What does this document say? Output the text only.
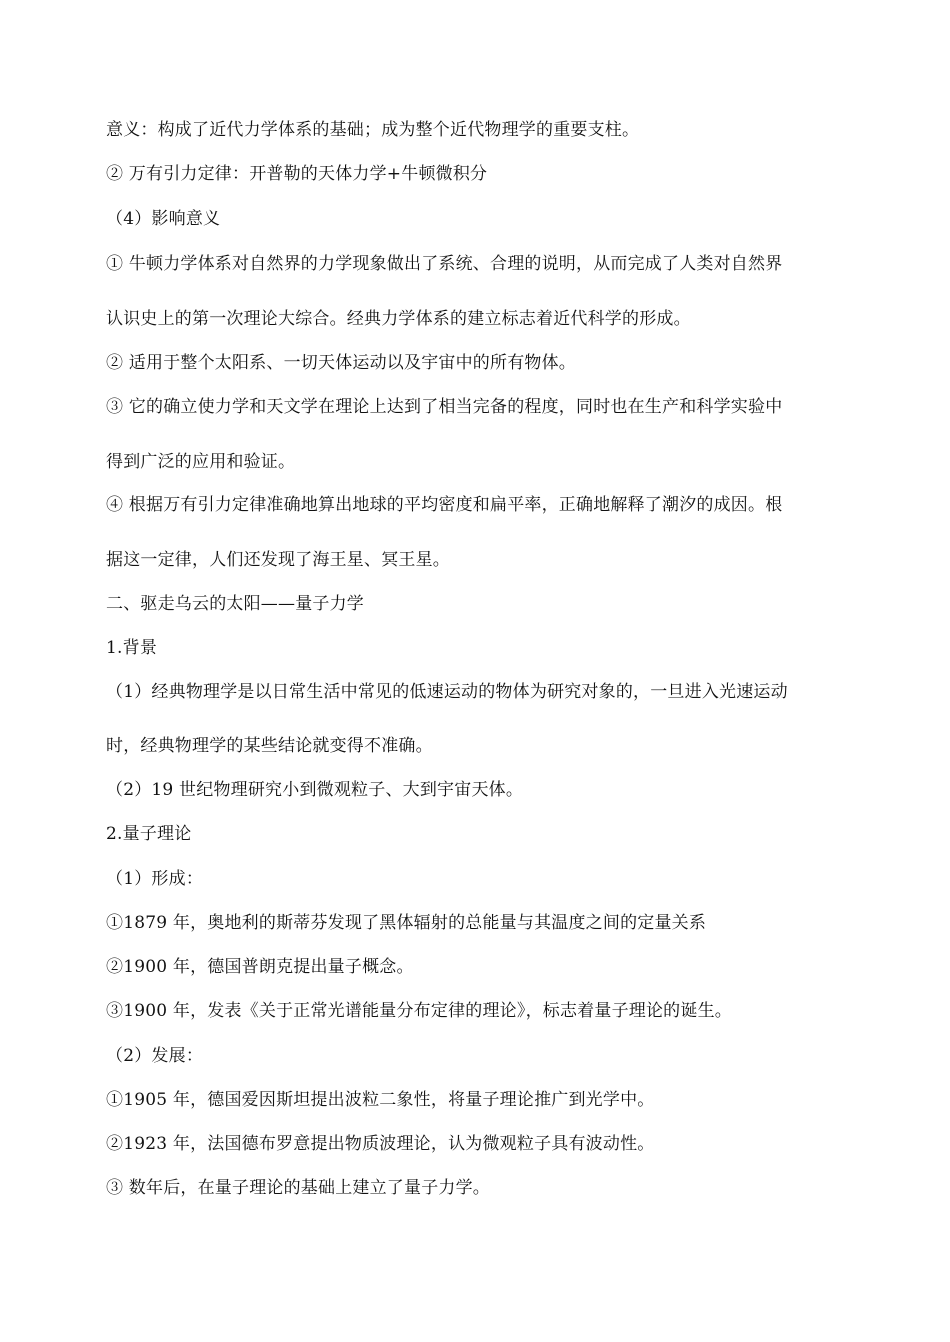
意义：构成了近代力学体系的基础；成为整个近代物理学的重要支柱。
② 万有引力定律：开普勒的天体力学+牛顿微积分
（4）影响意义
① 牛顿力学体系对自然界的力学现象做出了系统、合理的说明，从而完成了人类对自然界
认识史上的第一次理论大综合。经典力学体系的建立标志着近代科学的形成。
② 适用于整个太阳系、一切天体运动以及宇宙中的所有物体。
③ 它的确立使力学和天文学在理论上达到了相当完备的程度，同时也在生产和科学实验中
得到广泛的应用和验证。
④ 根据万有引力定律准确地算出地球的平均密度和扁平率，正确地解释了潮汐的成因。根
据这一定律，人们还发现了海王星、冥王星。
二、驱走乌云的太阳——量子力学
1.背景
（1）经典物理学是以日常生活中常见的低速运动的物体为研究对象的，一旦进入光速运动
时，经典物理学的某些结论就变得不准确。
（2）19 世纪物理研究小到微观粒子、大到宇宙天体。
2.量子理论
（1）形成：
①1879 年，奥地利的斯蒂芬发现了黑体辐射的总能量与其温度之间的定量关系
②1900 年，德国普朗克提出量子概念。
③1900 年，发表《关于正常光谱能量分布定律的理论》，标志着量子理论的诞生。
（2）发展：
①1905 年，德国爱因斯坦提出波粒二象性，将量子理论推广到光学中。
②1923 年，法国德布罗意提出物质波理论，认为微观粒子具有波动性。
③ 数年后，在量子理论的基础上建立了量子力学。
